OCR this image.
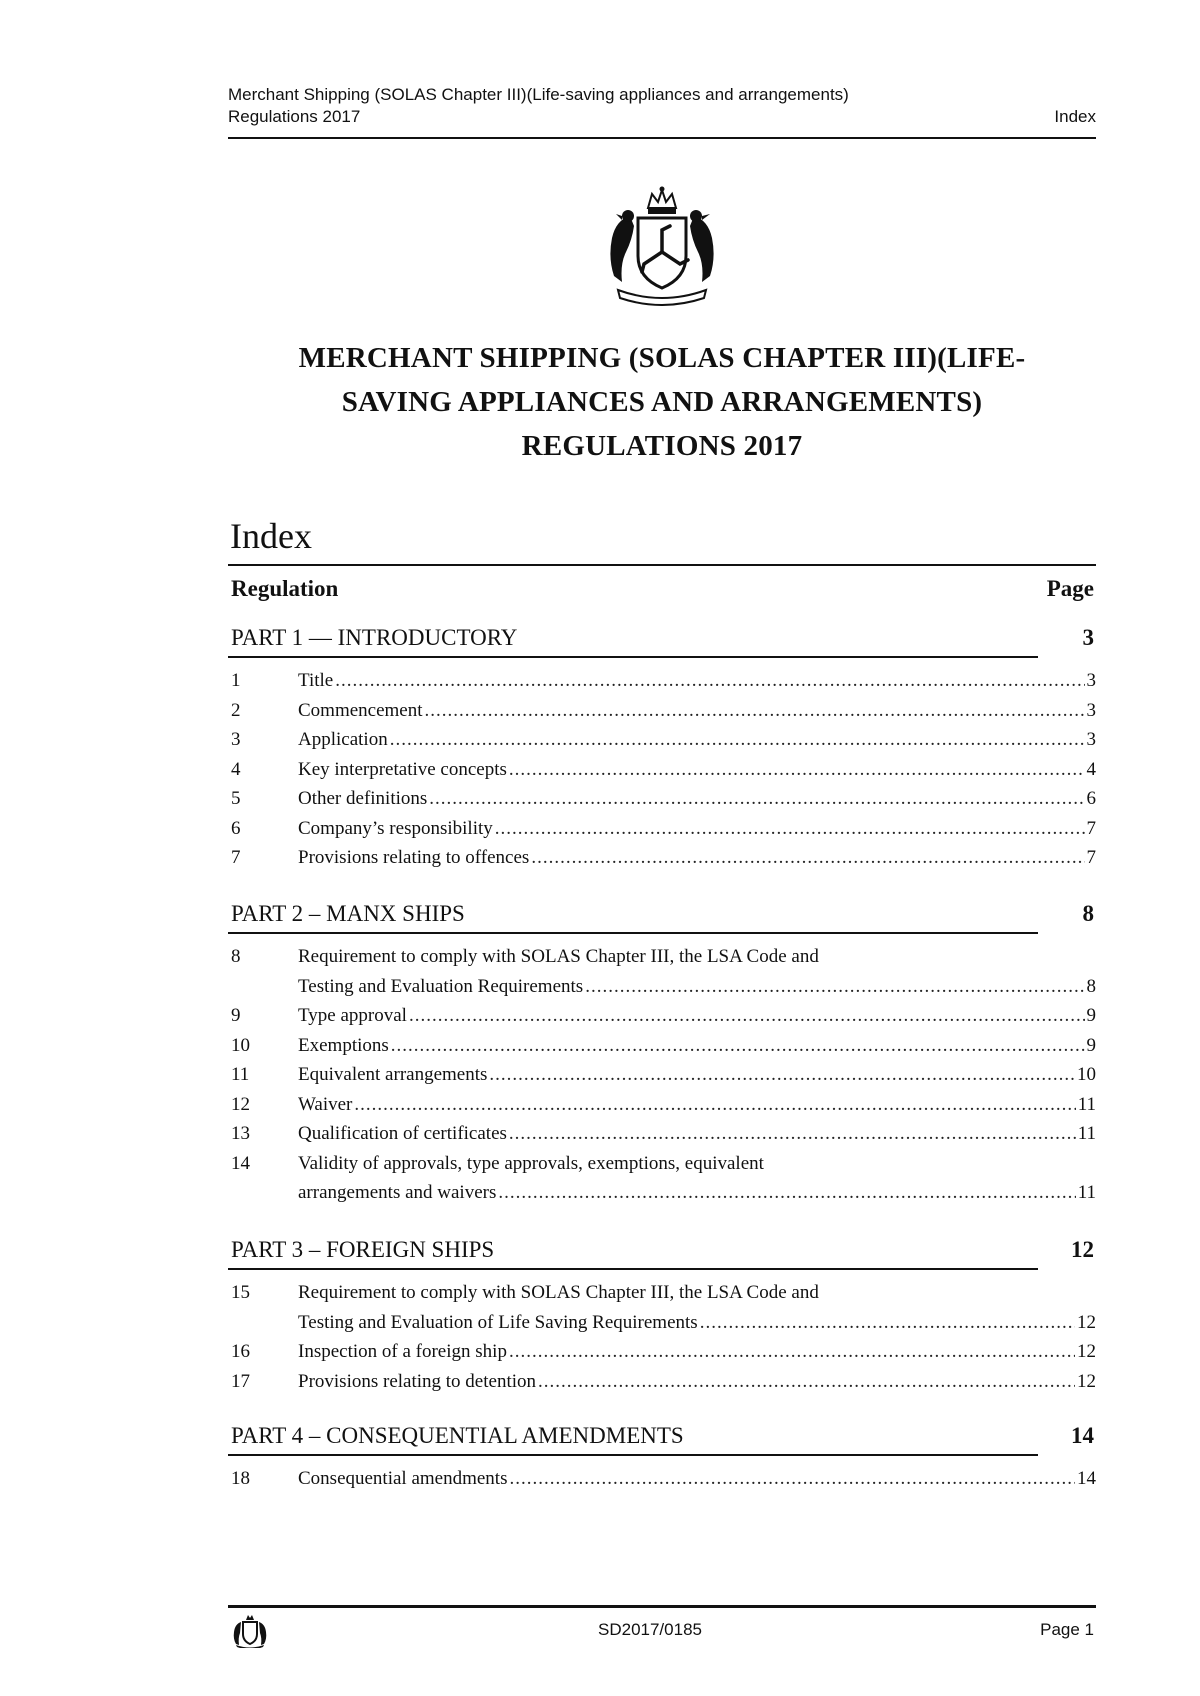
Merchant Shipping (SOLAS Chapter III)(Life-saving appliances and arrangements) Regulations 2017	Index
MERCHANT SHIPPING (SOLAS CHAPTER III)(LIFE-
SAVING APPLIANCES AND ARRANGEMENTS)
REGULATIONS 2017
Index
Regulation	Page
PART 1 — INTRODUCTORY	3
1	Title .....	3
2	Commencement .....	3
3	Application .....	3
4	Key interpretative concepts .....	4
5	Other definitions .....	6
6	Company’s responsibility .....	7
7	Provisions relating to offences .....	7
PART 2 – MANX SHIPS	8
8	Requirement to comply with SOLAS Chapter III, the LSA Code and
Testing and Evaluation Requirements .....	8
9	Type approval .....	9
10	Exemptions .....	9
11	Equivalent arrangements .....	10
12	Waiver .....	11
13	Qualification of certificates .....	11
14	Validity of approvals, type approvals, exemptions, equivalent
arrangements and waivers .....	11
PART 3 – FOREIGN SHIPS	12
15	Requirement to comply with SOLAS Chapter III, the LSA Code and
Testing and Evaluation of Life Saving Requirements .....	12
16	Inspection of a foreign ship .....	12
17	Provisions relating to detention .....	12
PART 4 – CONSEQUENTIAL AMENDMENTS	14
18	Consequential amendments .....	14
SD2017/0185	Page 1
